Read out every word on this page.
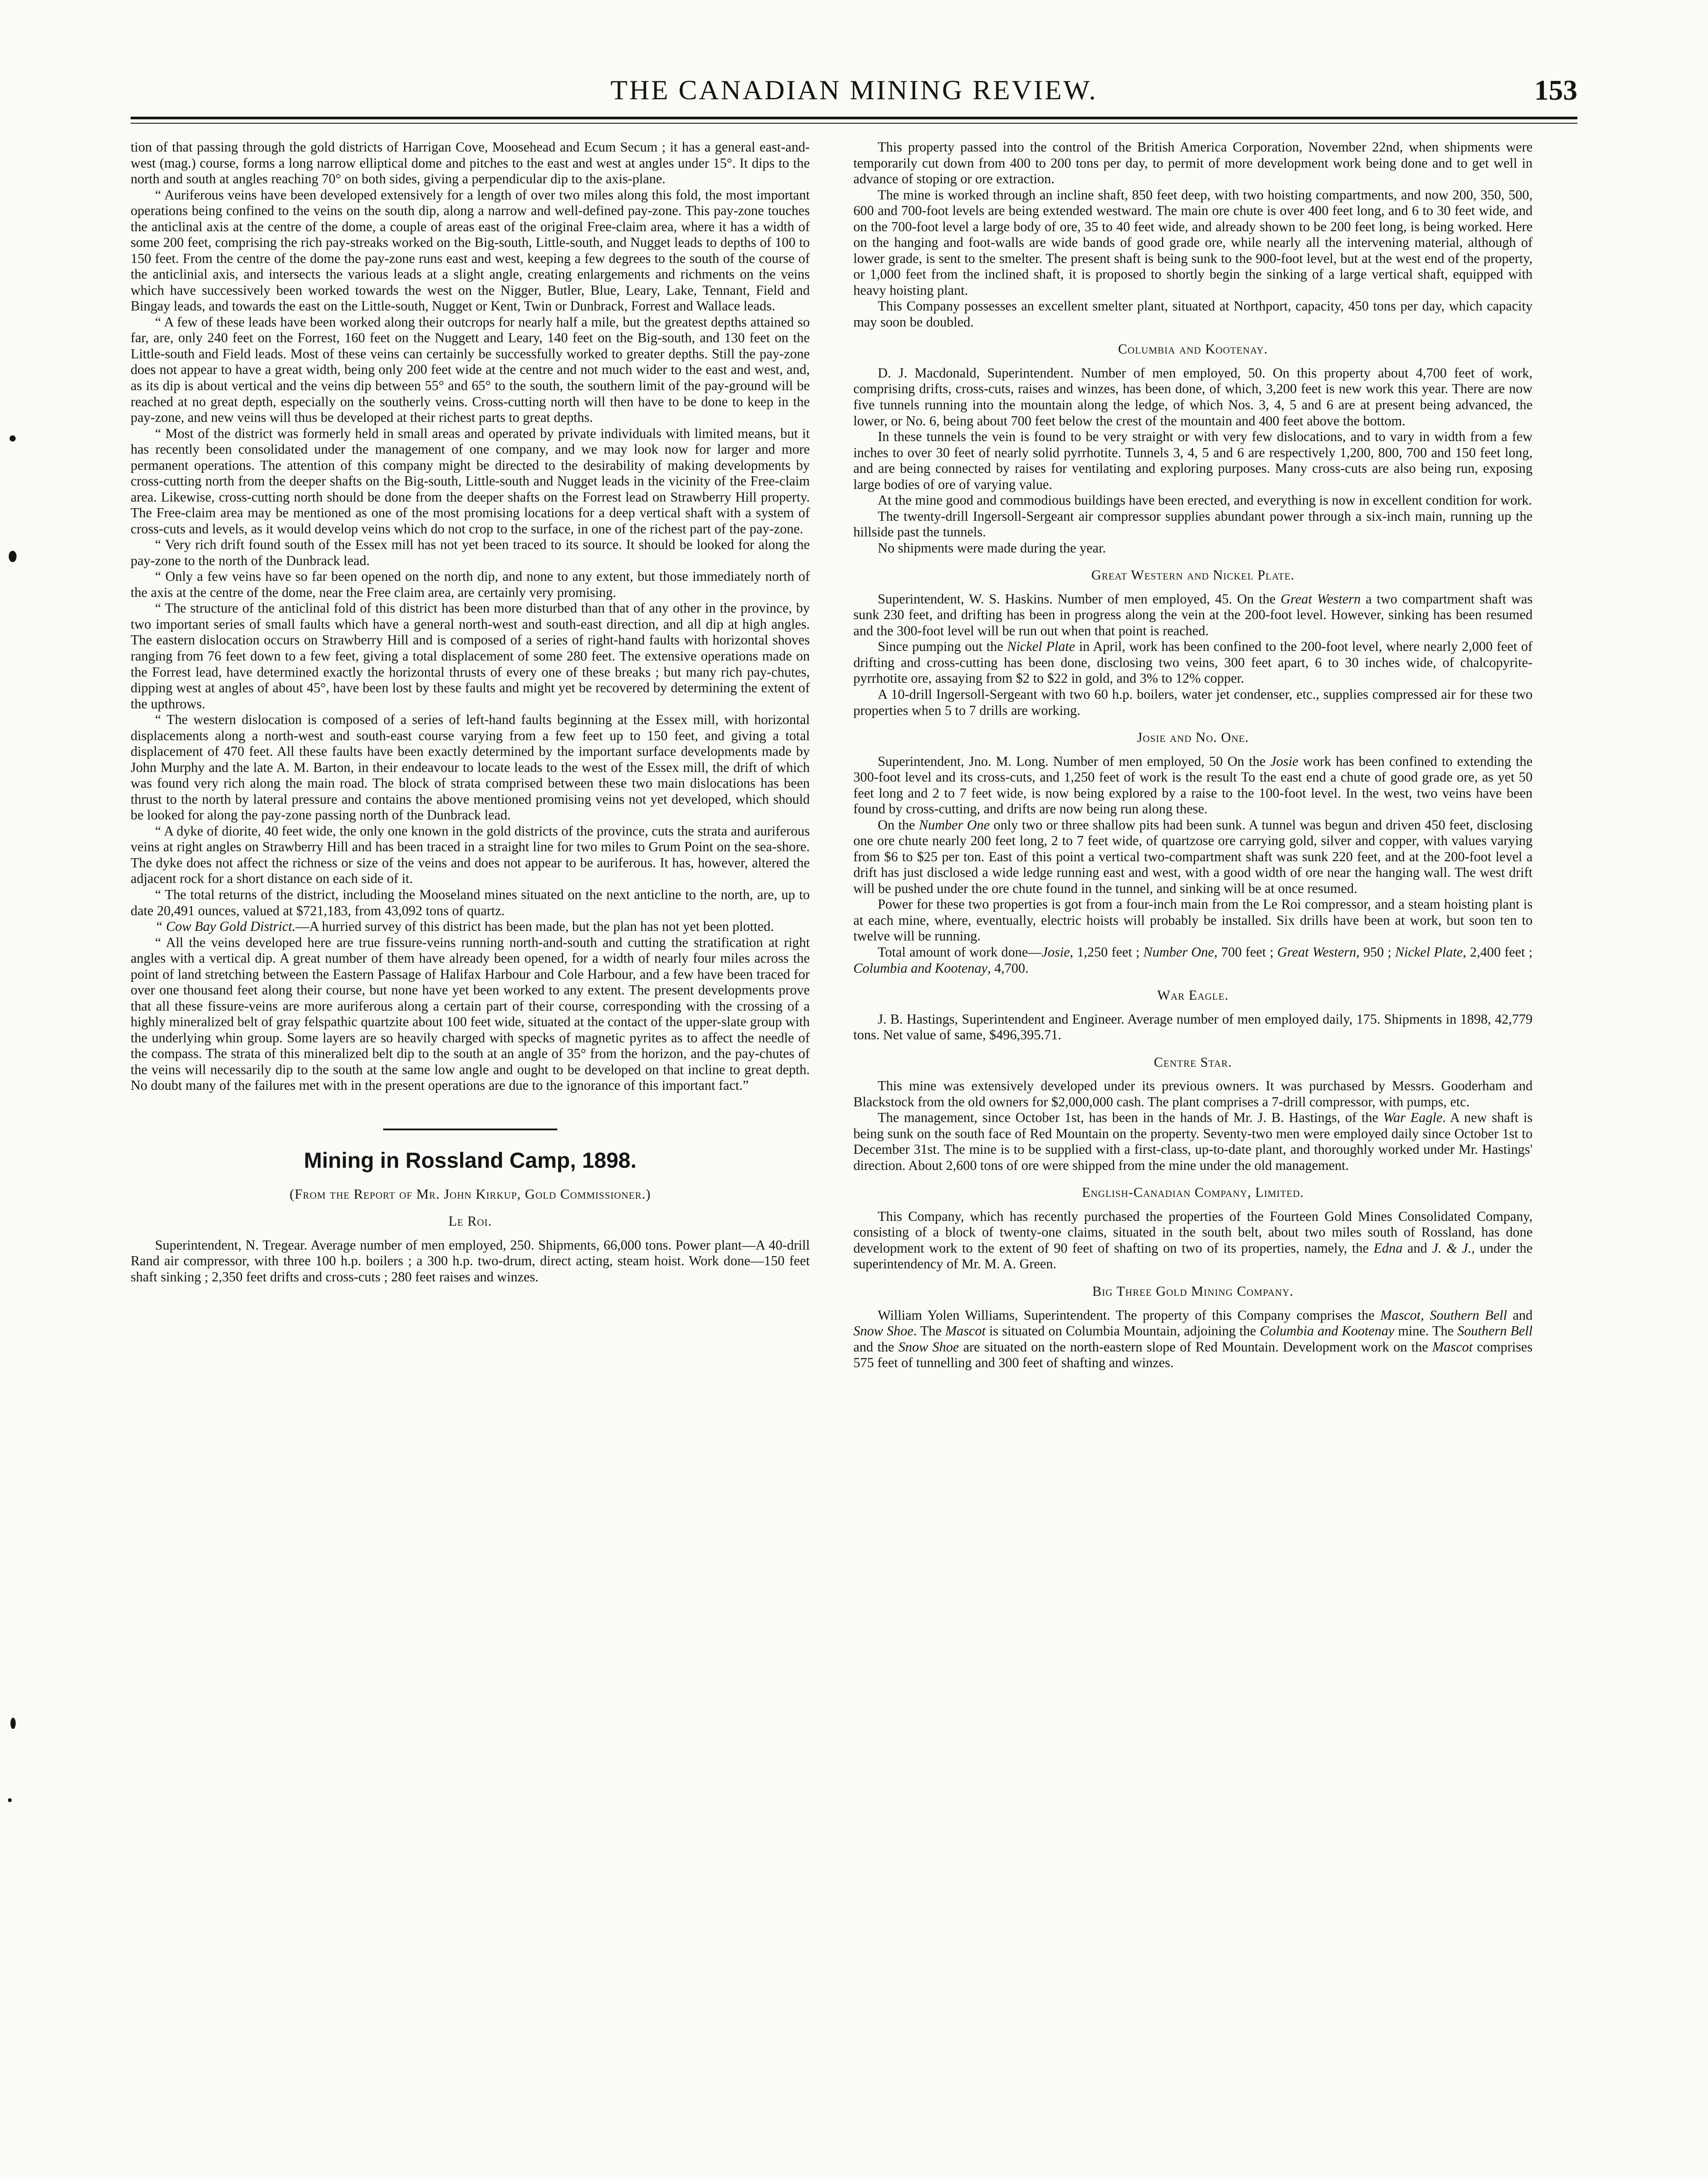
THE CANADIAN MINING REVIEW.	153

tion of that passing through the gold districts of Harrigan Cove, Moosehead and Ecum Secum ; it has a general east-and-west (mag.) course, forms a long narrow elliptical dome and pitches to the east and west at angles under 15°. It dips to the north and south at angles reaching 70° on both sides, giving a perpendicular dip to the axis-plane.

“ Auriferous veins have been developed extensively for a length of over two miles along this fold, the most important operations being confined to the veins on the south dip, along a narrow and well-defined pay-zone. This pay-zone touches the anticlinal axis at the centre of the dome, a couple of areas east of the original Free-claim area, where it has a width of some 200 feet, comprising the rich pay-streaks worked on the Big-south, Little-south, and Nugget leads to depths of 100 to 150 feet. From the centre of the dome the pay-zone runs east and west, keeping a few degrees to the south of the course of the anticlinial axis, and intersects the various leads at a slight angle, creating enlargements and richments on the veins which have successively been worked towards the west on the Nigger, Butler, Blue, Leary, Lake, Tennant, Field and Bingay leads, and towards the east on the Little-south, Nugget or Kent, Twin or Dunbrack, Forrest and Wallace leads.

“ A few of these leads have been worked along their outcrops for nearly half a mile, but the greatest depths attained so far, are, only 240 feet on the Forrest, 160 feet on the Nuggett and Leary, 140 feet on the Big-south, and 130 feet on the Little-south and Field leads. Most of these veins can certainly be successfully worked to greater depths. Still the pay-zone does not appear to have a great width, being only 200 feet wide at the centre and not much wider to the east and west, and, as its dip is about vertical and the veins dip between 55° and 65° to the south, the southern limit of the pay-ground will be reached at no great depth, especially on the southerly veins. Cross-cutting north will then have to be done to keep in the pay-zone, and new veins will thus be developed at their richest parts to great depths.

“ Most of the district was formerly held in small areas and operated by private individuals with limited means, but it has recently been consolidated under the management of one company, and we may look now for larger and more permanent operations. The attention of this company might be directed to the desirability of making developments by cross-cutting north from the deeper shafts on the Big-south, Little-south and Nugget leads in the vicinity of the Free-claim area. Likewise, cross-cutting north should be done from the deeper shafts on the Forrest lead on Strawberry Hill property. The Free-claim area may be mentioned as one of the most promising locations for a deep vertical shaft with a system of cross-cuts and levels, as it would develop veins which do not crop to the surface, in one of the richest part of the pay-zone.

“ Very rich drift found south of the Essex mill has not yet been traced to its source. It should be looked for along the pay-zone to the north of the Dunbrack lead.

“ Only a few veins have so far been opened on the north dip, and none to any extent, but those immediately north of the axis at the centre of the dome, near the Free claim area, are certainly very promising.

“ The structure of the anticlinal fold of this district has been more disturbed than that of any other in the province, by two important series of small faults which have a general north-west and south-east direction, and all dip at high angles. The eastern dislocation occurs on Strawberry Hill and is composed of a series of right-hand faults with horizontal shoves ranging from 76 feet down to a few feet, giving a total displacement of some 280 feet. The extensive operations made on the Forrest lead, have determined exactly the horizontal thrusts of every one of these breaks ; but many rich pay-chutes, dipping west at angles of about 45°, have been lost by these faults and might yet be recovered by determining the extent of the upthrows.

“ The western dislocation is composed of a series of left-hand faults beginning at the Essex mill, with horizontal displacements along a north-west and south-east course varying from a few feet up to 150 feet, and giving a total displacement of 470 feet. All these faults have been exactly determined by the important surface developments made by John Murphy and the late A. M. Barton, in their endeavour to locate leads to the west of the Essex mill, the drift of which was found very rich along the main road. The block of strata comprised between these two main dislocations has been thrust to the north by lateral pressure and contains the above mentioned promising veins not yet developed, which should be looked for along the pay-zone passing north of the Dunbrack lead.

“ A dyke of diorite, 40 feet wide, the only one known in the gold districts of the province, cuts the strata and auriferous veins at right angles on Strawberry Hill and has been traced in a straight line for two miles to Grum Point on the sea-shore. The dyke does not affect the richness or size of the veins and does not appear to be auriferous. It has, however, altered the adjacent rock for a short distance on each side of it.

“ The total returns of the district, including the Mooseland mines situated on the next anticline to the north, are, up to date 20,491 ounces, valued at $721,183, from 43,092 tons of quartz.

“ Cow Bay Gold District.—A hurried survey of this district has been made, but the plan has not yet been plotted.

“ All the veins developed here are true fissure-veins running north-and-south and cutting the stratification at right angles with a vertical dip. A great number of them have already been opened, for a width of nearly four miles across the point of land stretching between the Eastern Passage of Halifax Harbour and Cole Harbour, and a few have been traced for over one thousand feet along their course, but none have yet been worked to any extent. The present developments prove that all these fissure-veins are more auriferous along a certain part of their course, corresponding with the crossing of a highly mineralized belt of gray felspathic quartzite about 100 feet wide, situated at the contact of the upper-slate group with the underlying whin group. Some layers are so heavily charged with specks of magnetic pyrites as to affect the needle of the compass. The strata of this mineralized belt dip to the south at an angle of 35° from the horizon, and the pay-chutes of the veins will necessarily dip to the south at the same low angle and ought to be developed on that incline to great depth. No doubt many of the failures met with in the present operations are due to the ignorance of this important fact.”

Mining in Rossland Camp, 1898.
(From the Report of Mr. John Kirkup, Gold Commissioner.)
Le Roi.

Superintendent, N. Tregear. Average number of men employed, 250. Shipments, 66,000 tons. Power plant—A 40-drill Rand air compressor, with three 100 h.p. boilers ; a 300 h.p. two-drum, direct acting, steam hoist. Work done—150 feet shaft sinking ; 2,350 feet drifts and cross-cuts ; 280 feet raises and winzes.

This property passed into the control of the British America Corporation, November 22nd, when shipments were temporarily cut down from 400 to 200 tons per day, to permit of more development work being done and to get well in advance of stoping or ore extraction.

The mine is worked through an incline shaft, 850 feet deep, with two hoisting compartments, and now 200, 350, 500, 600 and 700-foot levels are being extended westward. The main ore chute is over 400 feet long, and 6 to 30 feet wide, and on the 700-foot level a large body of ore, 35 to 40 feet wide, and already shown to be 200 feet long, is being worked. Here on the hanging and foot-walls are wide bands of good grade ore, while nearly all the intervening material, although of lower grade, is sent to the smelter. The present shaft is being sunk to the 900-foot level, but at the west end of the property, or 1,000 feet from the inclined shaft, it is proposed to shortly begin the sinking of a large vertical shaft, equipped with heavy hoisting plant.

This Company possesses an excellent smelter plant, situated at Northport, capacity, 450 tons per day, which capacity may soon be doubled.

Columbia and Kootenay.

D. J. Macdonald, Superintendent. Number of men employed, 50. On this property about 4,700 feet of work, comprising drifts, cross-cuts, raises and winzes, has been done, of which, 3,200 feet is new work this year. There are now five tunnels running into the mountain along the ledge, of which Nos. 3, 4, 5 and 6 are at present being advanced, the lower, or No. 6, being about 700 feet below the crest of the mountain and 400 feet above the bottom.

In these tunnels the vein is found to be very straight or with very few dislocations, and to vary in width from a few inches to over 30 feet of nearly solid pyrrhotite. Tunnels 3, 4, 5 and 6 are respectively 1,200, 800, 700 and 150 feet long, and are being connected by raises for ventilating and exploring purposes. Many cross-cuts are also being run, exposing large bodies of ore of varying value.

At the mine good and commodious buildings have been erected, and everything is now in excellent condition for work.

The twenty-drill Ingersoll-Sergeant air compressor supplies abundant power through a six-inch main, running up the hillside past the tunnels.

No shipments were made during the year.

Great Western and Nickel Plate.

Superintendent, W. S. Haskins. Number of men employed, 45. On the Great Western a two compartment shaft was sunk 230 feet, and drifting has been in progress along the vein at the 200-foot level. However, sinking has been resumed and the 300-foot level will be run out when that point is reached.

Since pumping out the Nickel Plate in April, work has been confined to the 200-foot level, where nearly 2,000 feet of drifting and cross-cutting has been done, disclosing two veins, 300 feet apart, 6 to 30 inches wide, of chalcopyrite-pyrrhotite ore, assaying from $2 to $22 in gold, and 3% to 12% copper.

A 10-drill Ingersoll-Sergeant with two 60 h.p. boilers, water jet condenser, etc., supplies compressed air for these two properties when 5 to 7 drills are working.

Josie and No. One.

Superintendent, Jno. M. Long. Number of men employed, 50 On the Josie work has been confined to extending the 300-foot level and its cross-cuts, and 1,250 feet of work is the result To the east end a chute of good grade ore, as yet 50 feet long and 2 to 7 feet wide, is now being explored by a raise to the 100-foot level. In the west, two veins have been found by cross-cutting, and drifts are now being run along these.

On the Number One only two or three shallow pits had been sunk. A tunnel was begun and driven 450 feet, disclosing one ore chute nearly 200 feet long, 2 to 7 feet wide, of quartzose ore carrying gold, silver and copper, with values varying from $6 to $25 per ton. East of this point a vertical two-compartment shaft was sunk 220 feet, and at the 200-foot level a drift has just disclosed a wide ledge running east and west, with a good width of ore near the hanging wall. The west drift will be pushed under the ore chute found in the tunnel, and sinking will be at once resumed.

Power for these two properties is got from a four-inch main from the Le Roi compressor, and a steam hoisting plant is at each mine, where, eventually, electric hoists will probably be installed. Six drills have been at work, but soon ten to twelve will be running.

Total amount of work done—Josie, 1,250 feet ; Number One, 700 feet ; Great Western, 950 ; Nickel Plate, 2,400 feet ; Columbia and Kootenay, 4,700.

War Eagle.

J. B. Hastings, Superintendent and Engineer. Average number of men employed daily, 175. Shipments in 1898, 42,779 tons. Net value of same, $496,395.71.

Centre Star.

This mine was extensively developed under its previous owners. It was purchased by Messrs. Gooderham and Blackstock from the old owners for $2,000,000 cash. The plant comprises a 7-drill compressor, with pumps, etc.

The management, since October 1st, has been in the hands of Mr. J. B. Hastings, of the War Eagle. A new shaft is being sunk on the south face of Red Mountain on the property. Seventy-two men were employed daily since October 1st to December 31st. The mine is to be supplied with a first-class, up-to-date plant, and thoroughly worked under Mr. Hastings' direction. About 2,600 tons of ore were shipped from the mine under the old management.

English-Canadian Company, Limited.

This Company, which has recently purchased the properties of the Fourteen Gold Mines Consolidated Company, consisting of a block of twenty-one claims, situated in the south belt, about two miles south of Rossland, has done development work to the extent of 90 feet of shafting on two of its properties, namely, the Edna and J. & J., under the superintendency of Mr. M. A. Green.

Big Three Gold Mining Company.

William Yolen Williams, Superintendent. The property of this Company comprises the Mascot, Southern Bell and Snow Shoe. The Mascot is situated on Columbia Mountain, adjoining the Columbia and Kootenay mine. The Southern Bell and the Snow Shoe are situated on the north-eastern slope of Red Mountain. Development work on the Mascot comprises 575 feet of tunnelling and 300 feet of shafting and winzes.
